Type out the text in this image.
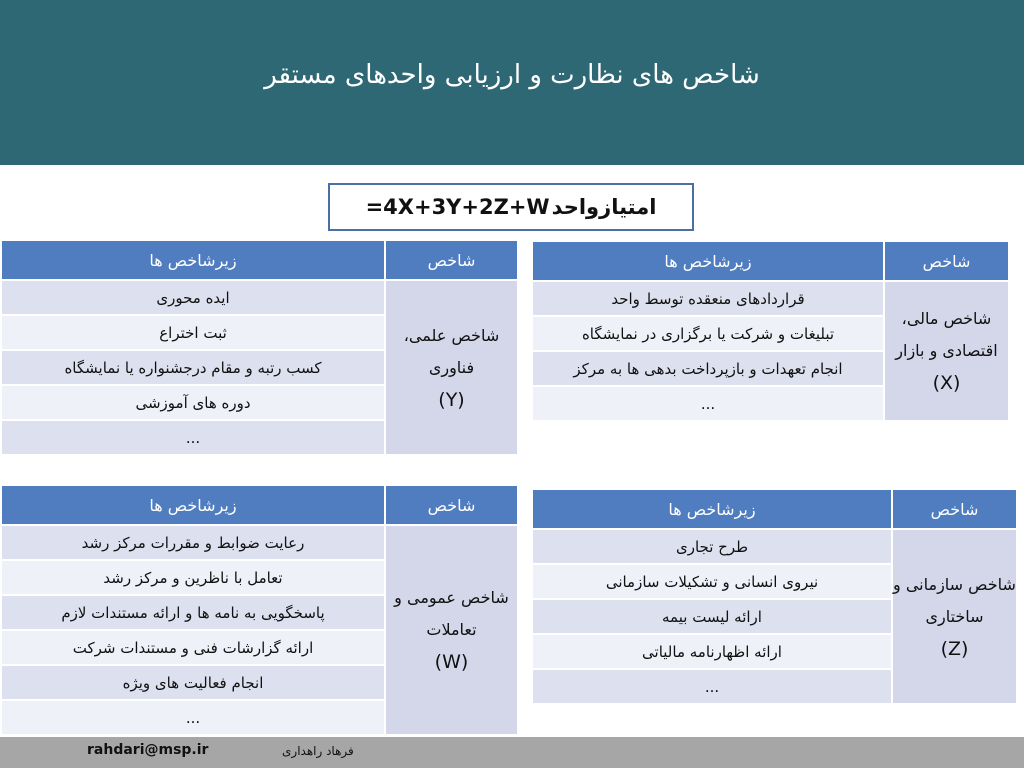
شاخص های نظارت و ارزیابی واحدهای مستقر
امتیازواحد
=4X+3Y+2Z+W
شاخص	زیرشاخص ها
شاخص علمی، فناوری
(Y)	ایده محوری
	ثبت اختراع
	کسب رتبه و مقام درجشنواره یا نمایشگاه
	دوره های آموزشی
	...
شاخص	زیرشاخص ها
شاخص مالی، اقتصادی و بازار
(X)	قراردادهای منعقده توسط واحد
	تبلیغات و شرکت یا برگزاری در نمایشگاه
	انجام تعهدات و بازپرداخت بدهی ها به مرکز
	...
شاخص	زیرشاخص ها
شاخص عمومی و تعاملات
(W)	رعایت ضوابط و مقررات مرکز رشد
	تعامل با ناظرین و مرکز رشد
	پاسخگویی به نامه ها و ارائه مستندات لازم
	ارائه گزارشات فنی و مستندات شرکت
	انجام فعالیت های ویژه
	...
شاخص	زیرشاخص ها
شاخص سازمانی و ساختاری
(Z)	طرح تجاری
	نیروی انسانی و تشکیلات سازمانی
	ارائه لیست بیمه
	ارائه اظهارنامه مالیاتی
	...
rahdari@msp.ir	فرهاد راهداری
